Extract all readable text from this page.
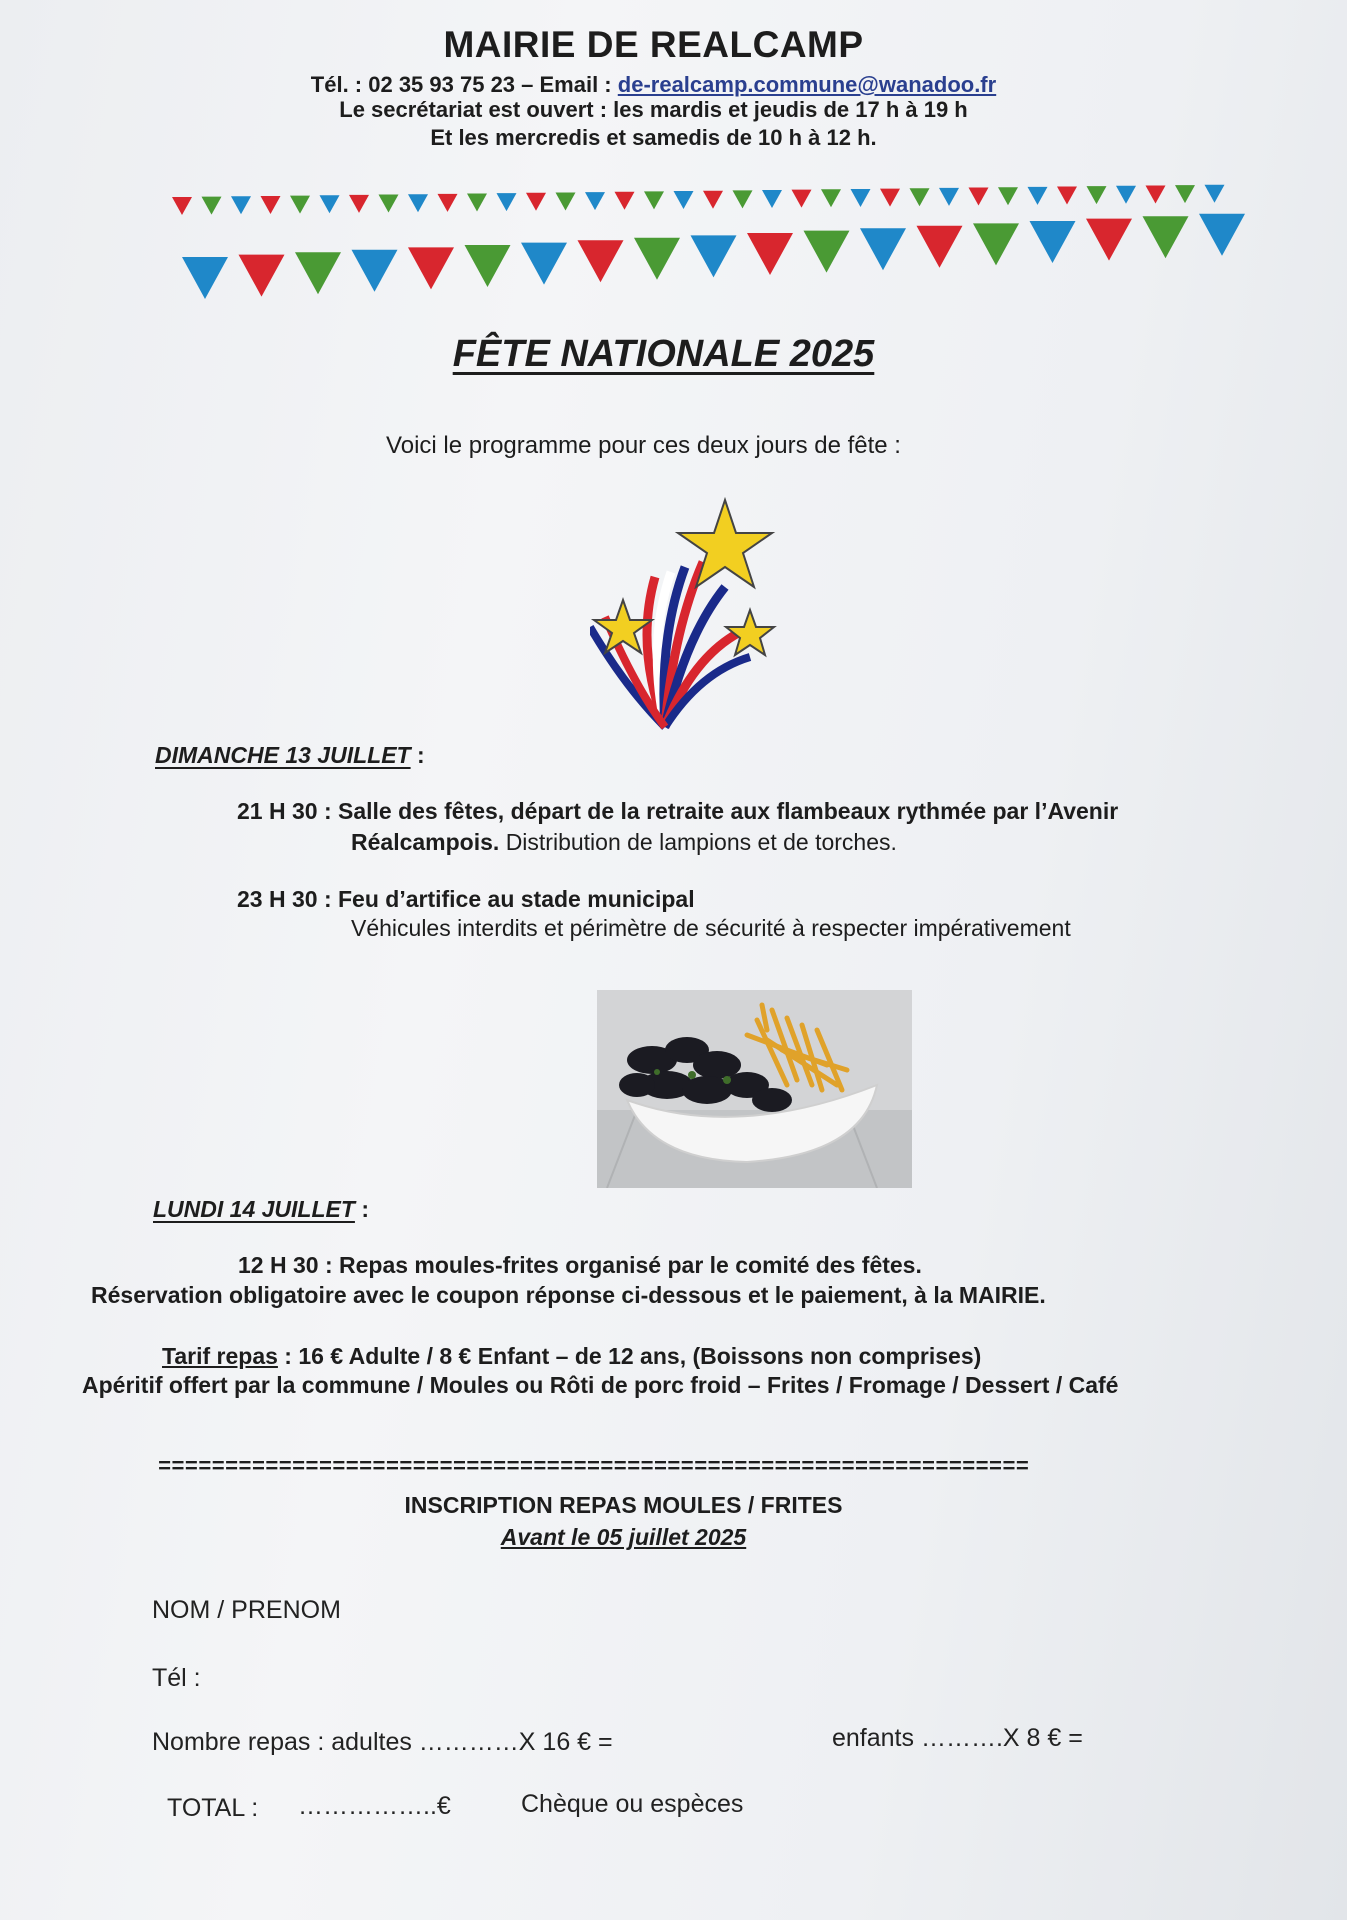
MAIRIE DE REALCAMP
Tél. : 02 35 93 75 23 – Email : de-realcamp.commune@wanadoo.fr
Le secrétariat est ouvert : les mardis et jeudis de 17 h à 19 h
Et les mercredis et samedis de 10 h à 12 h.
FÊTE NATIONALE 2025
Voici le programme pour ces deux jours de fête :
DIMANCHE 13 JUILLET :
21 H 30 : Salle des fêtes, départ de la retraite aux flambeaux rythmée par l’Avenir
Réalcampois. Distribution de lampions et de torches.
23 H 30 : Feu d’artifice au stade municipal
Véhicules interdits et périmètre de sécurité à respecter impérativement
LUNDI 14 JUILLET :
12 H 30 : Repas moules-frites organisé par le comité des fêtes.
Réservation obligatoire avec le coupon réponse ci-dessous et le paiement, à la MAIRIE.
Tarif repas : 16 € Adulte / 8 € Enfant – de 12 ans, (Boissons non comprises)
Apéritif offert par la commune / Moules ou Rôti de porc froid – Frites / Fromage / Dessert / Café
=================================================================
INSCRIPTION REPAS MOULES / FRITES
Avant le 05 juillet 2025
NOM / PRENOM
Tél :
Nombre repas : adultes …………X 16 € =	enfants ……….X 8 € =
TOTAL : ……………..€	Chèque ou espèces
